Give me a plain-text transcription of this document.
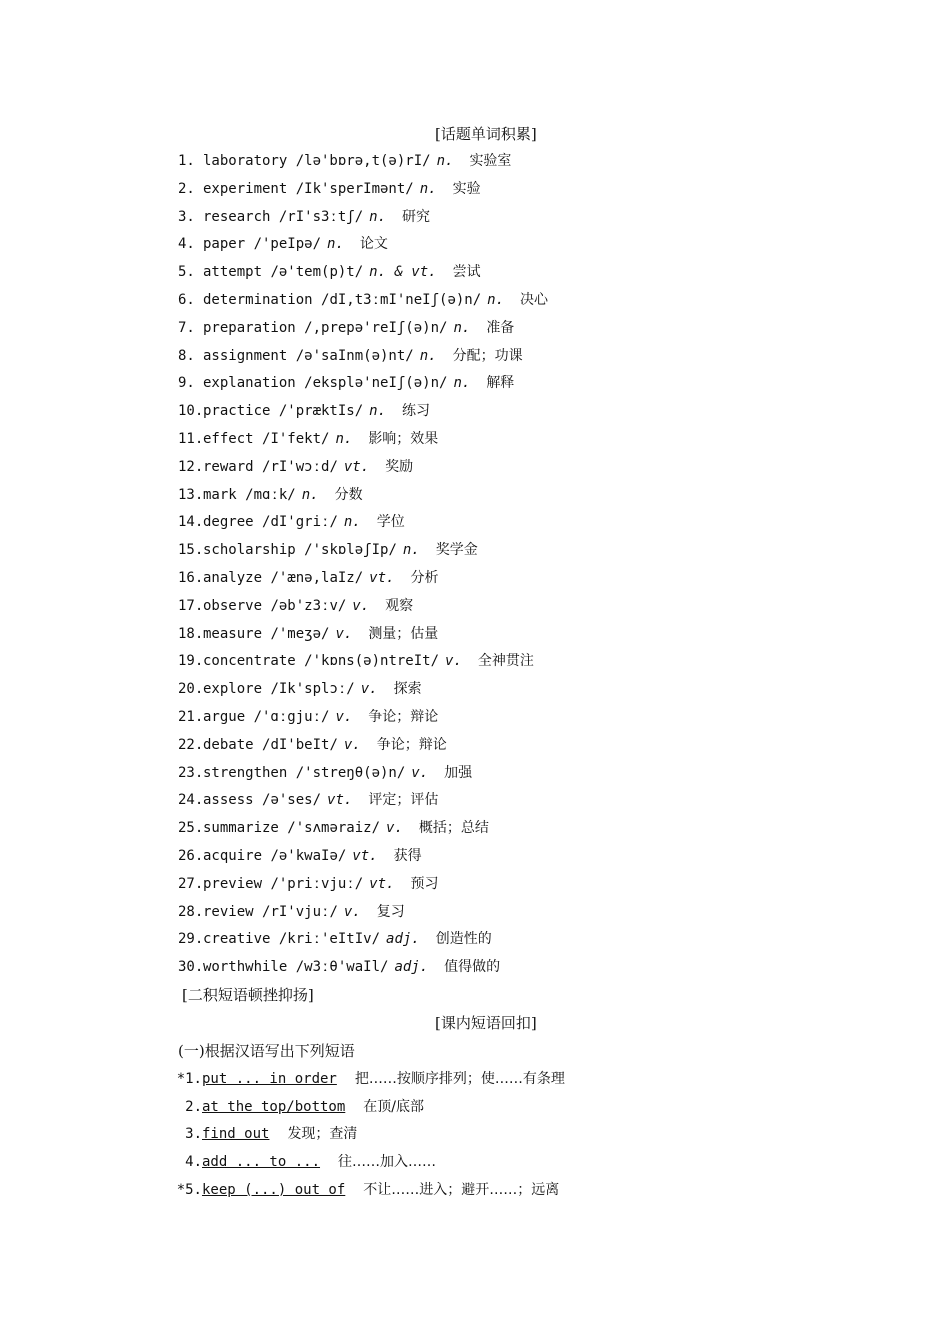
[话题单词积累]
1. laboratory /lə'bɒrə,t(ə)rI/ n. 实验室
2. experiment /Ik'sperImənt/ n. 实验
3. research /rI's3ːtʃ/ n. 研究
4. paper /'peIpə/ n. 论文
5. attempt /ə'tem(p)t/ n. & vt. 尝试
6. determination /dI,t3ːmI'neIʃ(ə)n/ n. 决心
7. preparation /,prepə'reIʃ(ə)n/ n. 准备
8. assignment /ə'saInm(ə)nt/ n. 分配；功课
9. explanation /eksplə'neIʃ(ə)n/ n. 解释
10.practice /'præktIs/ n. 练习
11.effect /I'fekt/ n. 影响；效果
12.reward /rI'wɔːd/ vt. 奖励
13.mark /mɑːk/ n. 分数
14.degree /dI'griː/ n. 学位
15.scholarship /'skɒləʃIp/ n. 奖学金
16.analyze /'ænə,laIz/ vt. 分析
17.observe /əb'z3ːv/ v. 观察
18.measure /'meʒə/ v. 测量；估量
19.concentrate /'kɒns(ə)ntreIt/ v. 全神贯注
20.explore /Ik'splɔː/ v. 探索
21.argue /'ɑːgjuː/ v. 争论；辩论
22.debate /dI'beIt/ v. 争论；辩论
23.strengthen /'streŋθ(ə)n/ v. 加强
24.assess /ə'ses/ vt. 评定；评估
25.summarize /'sʌməraiz/ v. 概括；总结
26.acquire /ə'kwaIə/ vt. 获得
27.preview /'priːvjuː/ vt. 预习
28.review /rI'vjuː/ v. 复习
29.creative /kriː'eItIv/ adj. 创造性的
30.worthwhile /w3ːθ'waIl/ adj. 值得做的
[二积短语顿挫抑扬]
[课内短语回扣]
(一)根据汉语写出下列短语
*1.put ... in order 把……按顺序排列；使……有条理
2.at the top/bottom 在顶/底部
3.find out 发现；查清
4.add ... to ... 往……加入……
*5.keep (...) out of 不让……进入；避开……；远离
